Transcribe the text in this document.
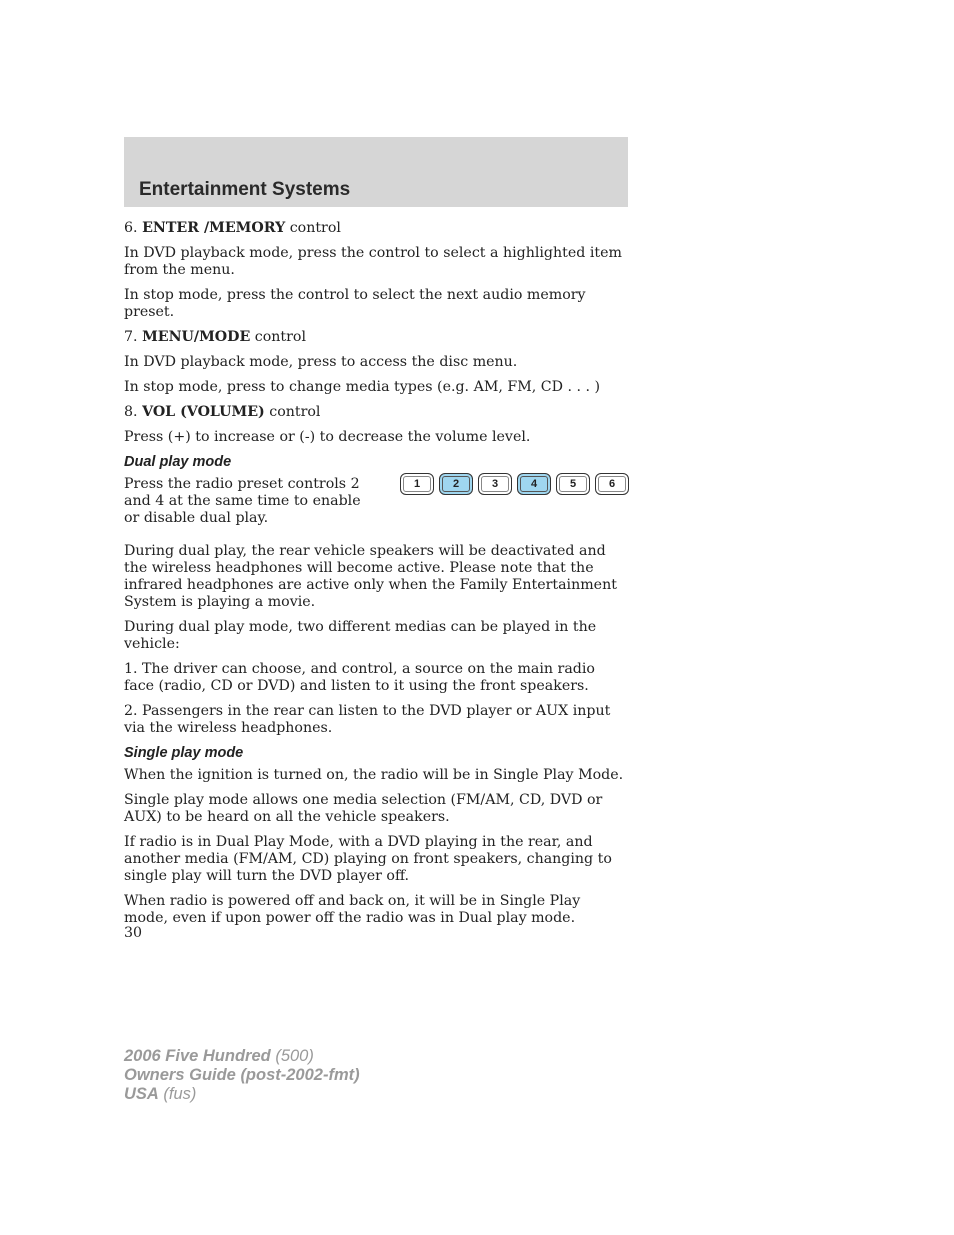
Entertainment Systems

6. ENTER /MEMORY control

In DVD playback mode, press the control to select a highlighted item from the menu.

In stop mode, press the control to select the next audio memory preset.

7. MENU/MODE control

In DVD playback mode, press to access the disc menu.

In stop mode, press to change media types (e.g. AM, FM, CD . . . )

8. VOL (VOLUME) control

Press (+) to increase or (-) to decrease the volume level.

Dual play mode

Press the radio preset controls 2 and 4 at the same time to enable or disable dual play.

1	2	3	4	5	6

During dual play, the rear vehicle speakers will be deactivated and the wireless headphones will become active. Please note that the infrared headphones are active only when the Family Entertainment System is playing a movie.

During dual play mode, two different medias can be played in the vehicle:

1. The driver can choose, and control, a source on the main radio face (radio, CD or DVD) and listen to it using the front speakers.

2. Passengers in the rear can listen to the DVD player or AUX input via the wireless headphones.

Single play mode

When the ignition is turned on, the radio will be in Single Play Mode.

Single play mode allows one media selection (FM/AM, CD, DVD or AUX) to be heard on all the vehicle speakers.

If radio is in Dual Play Mode, with a DVD playing in the rear, and another media (FM/AM, CD) playing on front speakers, changing to single play will turn the DVD player off.

When radio is powered off and back on, it will be in Single Play mode, even if upon power off the radio was in Dual play mode.

30
2006 Five Hundred (500)
Owners Guide (post-2002-fmt)
USA (fus)
